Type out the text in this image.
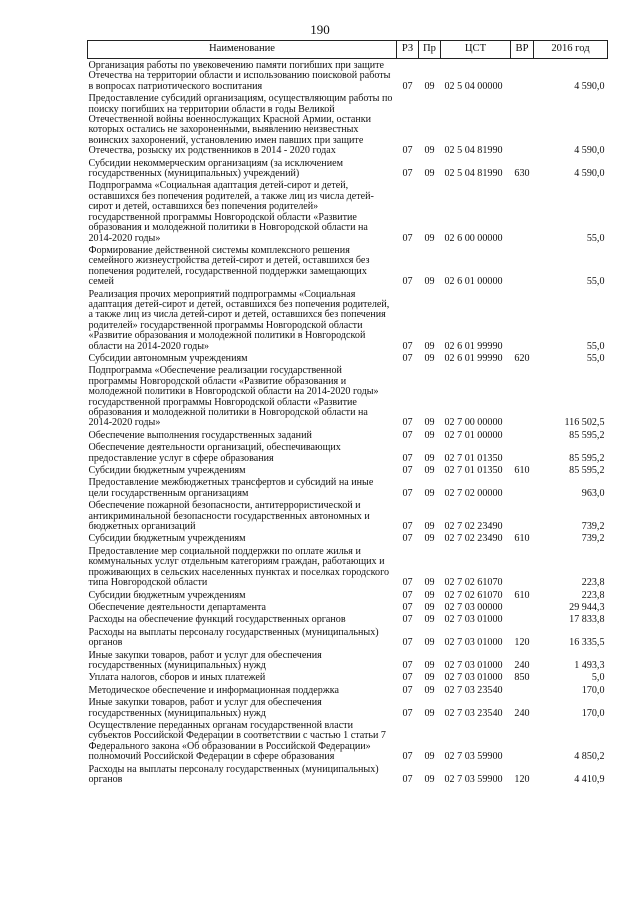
190
Наименование	РЗ	Пр	ЦСТ	ВР	2016 год
Организация работы по увековечению памяти погибших при защите Отечества на территории области и использованию поисковой работы в вопросах патриотического воспитания	07	09	02 5 04 00000		4 590,0
Предоставление субсидий организациям, осуществляющим работы по поиску погибших на территории области в годы Великой Отечественной войны военнослужащих Красной Армии, останки которых остались не захороненными, выявлению неизвестных воинских захоронений, установлению имен павших при защите Отечества, розыску их родственников в 2014 - 2020 годах	07	09	02 5 04 81990		4 590,0
Субсидии некоммерческим организациям (за исключением государственных (муниципальных) учреждений)	07	09	02 5 04 81990	630	4 590,0
Подпрограмма «Социальная адаптация детей-сирот и детей, оставшихся без попечения родителей, а также лиц из числа детей-сирот и детей, оставшихся без попечения родителей» государственной программы Новгородской области «Развитие образования и молодежной политики в Новгородской области на 2014-2020 годы»	07	09	02 6 00 00000		55,0
Формирование действенной системы комплексного решения семейного жизнеустройства детей-сирот и детей, оставшихся без попечения родителей, государственной поддержки замещающих семей	07	09	02 6 01 00000		55,0
Реализация прочих мероприятий подпрограммы «Социальная адаптация детей-сирот и детей, оставшихся без попечения родителей, а также лиц из числа детей-сирот и детей, оставшихся без попечения родителей» государственной программы Новгородской области «Развитие образования и молодежной политики в Новгородской области на 2014-2020 годы»	07	09	02 6 01 99990		55,0
Субсидии автономным учреждениям	07	09	02 6 01 99990	620	55,0
Подпрограмма «Обеспечение реализации государственной программы Новгородской области «Развитие образования и молодежной политики в Новгородской области на 2014-2020 годы» государственной программы Новгородской области «Развитие образования и молодежной политики в Новгородской области на 2014-2020 годы»	07	09	02 7 00 00000		116 502,5
Обеспечение выполнения государственных заданий	07	09	02 7 01 00000		85 595,2
Обеспечение деятельности организаций, обеспечивающих предоставление услуг в сфере образования	07	09	02 7 01 01350		85 595,2
Субсидии бюджетным учреждениям	07	09	02 7 01 01350	610	85 595,2
Предоставление межбюджетных трансфертов и субсидий на иные цели государственным организациям	07	09	02 7 02 00000		963,0
Обеспечение пожарной безопасности, антитеррористической и антикриминальной безопасности государственных автономных и бюджетных организаций	07	09	02 7 02 23490		739,2
Субсидии бюджетным учреждениям	07	09	02 7 02 23490	610	739,2
Предоставление мер социальной поддержки по оплате жилья и коммунальных услуг отдельным категориям граждан, работающих и проживающих в сельских населенных пунктах и поселках городского типа Новгородской области	07	09	02 7 02 61070		223,8
Субсидии бюджетным учреждениям	07	09	02 7 02 61070	610	223,8
Обеспечение деятельности департамента	07	09	02 7 03 00000		29 944,3
Расходы на обеспечение функций государственных органов	07	09	02 7 03 01000		17 833,8
Расходы на выплаты персоналу государственных (муниципальных) органов	07	09	02 7 03 01000	120	16 335,5
Иные закупки товаров, работ и услуг для обеспечения государственных (муниципальных) нужд	07	09	02 7 03 01000	240	1 493,3
Уплата налогов, сборов и иных платежей	07	09	02 7 03 01000	850	5,0
Методическое обеспечение и информационная поддержка	07	09	02 7 03 23540		170,0
Иные закупки товаров, работ и услуг для обеспечения государственных (муниципальных) нужд	07	09	02 7 03 23540	240	170,0
Осуществление переданных органам государственной власти субъектов Российской Федерации в соответствии с частью 1 статьи 7 Федерального закона «Об образовании в Российской Федерации» полномочий Российской Федерации в сфере образования	07	09	02 7 03 59900		4 850,2
Расходы на выплаты персоналу государственных (муниципальных) органов	07	09	02 7 03 59900	120	4 410,9
